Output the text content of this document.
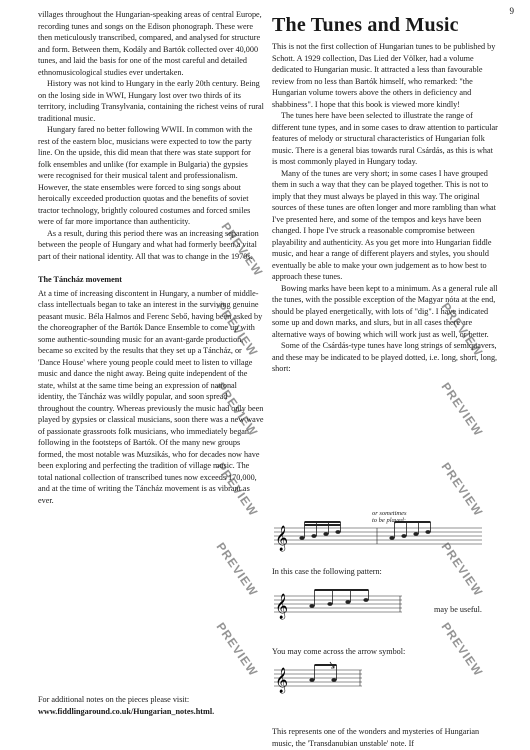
9

villages throughout the Hungarian-speaking areas of central Europe, recording tunes and songs on the Edison phonograph. These were then meticulously transcribed, compared, and analysed for structure and form. Between them, Kodály and Bartók collected over 40,000 tunes, and laid the basis for one of the most careful and detailed ethnomusicological studies ever undertaken.

History was not kind to Hungary in the early 20th century. Being on the losing side in WWI, Hungary lost over two thirds of its territory, including Transylvania, containing the richest veins of rural traditional music.

Hungary fared no better following WWII. In common with the rest of the eastern bloc, musicians were expected to tow the party line. On the upside, this did mean that there was state support for folk ensembles and unlike (for example in Bulgaria) the gypsies were recognised for their musical talent and professionalism. However, the state ensembles were forced to sing songs about heroically exceeded production quotas and the benefits of soviet tractor technology, brightly coloured costumes and forced smiles were of far more importance than authenticity.

As a result, during this period there was an increasing separation between the people of Hungary and what had formerly been a vital part of their national identity. All that was to change in the 1970s.

The Táncház movement

At a time of increasing discontent in Hungary, a number of middle-class intellectuals began to take an interest in the surviving genuine peasant music. Béla Halmos and Ferenc Sebő, having been asked by the choreographer of the Bartók Dance Ensemble to come up with some authentic-sounding music for an avant-garde production, became so excited by the results that they set up a Táncház, or 'Dance House' where young people could meet to listen to village music and dance the night away. Being quite independent of the state, whilst at the same time being an expression of national identity, the Táncház was wildly popular, and soon spread throughout the country. Whereas previously the music had only been played by gypsies or classical musicians, soon there was a new wave of passionate grassroots folk musicians, who immediately began following in the footsteps of Bartók. Of the many new groups formed, the most notable was Muzsikás, who for decades now have been exploring and perfecting the tradition of village music. The total national collection of transcribed tunes now exceeds 170,000, and at the time of writing the Táncház movement is as vibrant as ever.

For additional notes on the pieces please visit:
www.fiddlingaround.co.uk/Hungarian_notes.html.
The Tunes and Music

This is not the first collection of Hungarian tunes to be published by Schott. A 1929 collection, Das Lied der Völker, had a volume dedicated to Hungarian music. It attracted a less than favourable review from no less than Bartók himself, who remarked: "the Hungarian volume towers above the others in deficiency and shabbiness". I hope that this book is viewed more kindly!

The tunes here have been selected to illustrate the range of different tune types, and in some cases to draw attention to particular features of melody or structural characteristics of Hungarian folk music. There is a general bias towards rural Csárdás, as this is what is most commonly played in Hungary today.

Many of the tunes are very short; in some cases I have grouped them in such a way that they can be played together. This is not to imply that they must always be played in this way. The original sources of these tunes are often longer and more rambling than what I've presented here, and some of the tempos and keys have been changed. I hope I've struck a reasonable compromise between playability and authenticity. As you get more into Hungarian fiddle music, and hear a range of different players and styles, you should eventually be able to make your own judgement as to how best to approach these tunes.

Bowing marks have been kept to a minimum. As a general rule all the tunes, with the possible exception of the Magyar nóta at the end, should be played energetically, with lots of "dig". I have indicated some up and down marks, and slurs, but in all cases there are alternative ways of bowing which will work just as well, or better.

Some of the Csárdás-type tunes have long strings of semiquavers, and these may be indicated to be played dotted, i.e. long, short, long, short:

𝄞
or sometimes to be played:
In this case the following pattern:
𝄞	may be useful.
You may come across the arrow symbol:
𝄞
This represents one of the wonders and mysteries of Hungarian music, the 'Transdanubian unstable' note. If
PREVIEW
PREVIEW
PREVIEW
PREVIEW
PREVIEW
PREVIEW
PREVIEW
PREVIEW
PREVIEW
PREVIEW
PREVIEW
